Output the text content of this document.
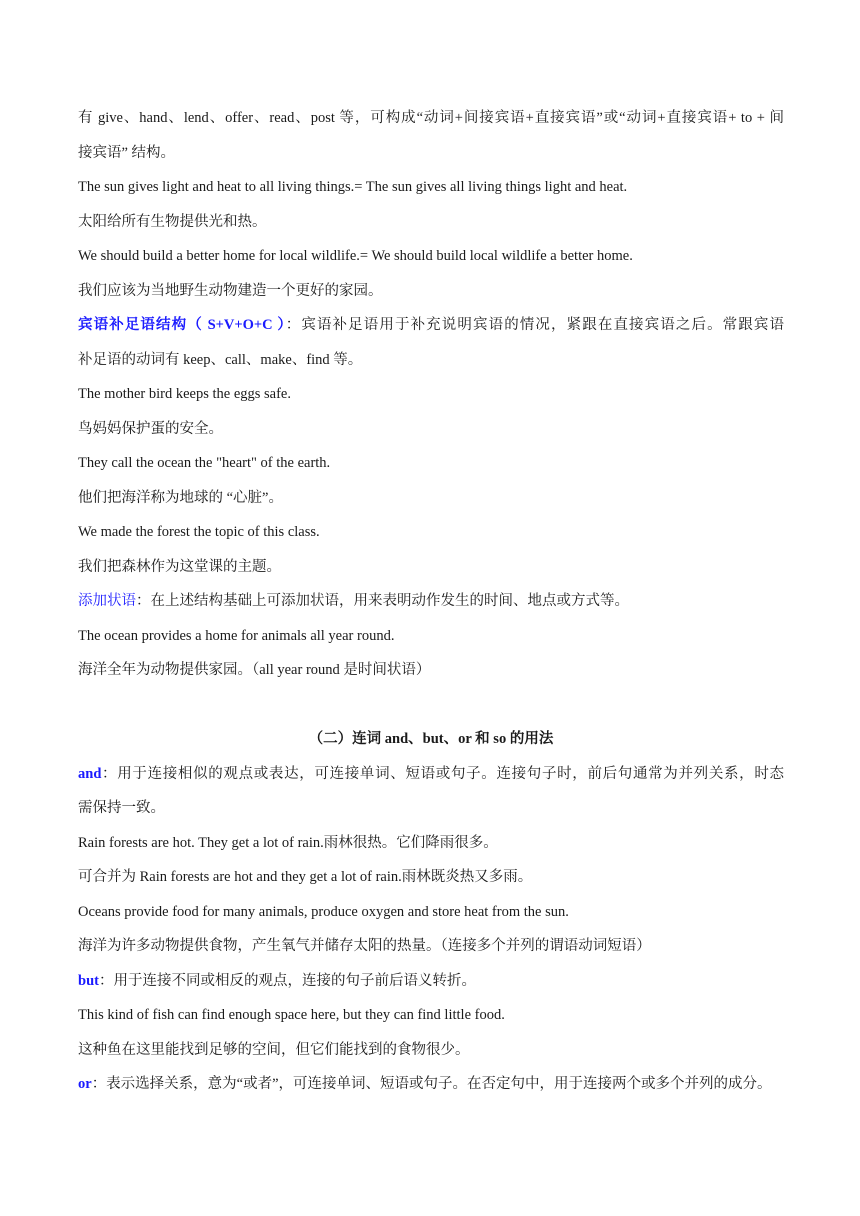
有 give、hand、lend、offer、read、post 等，可构成“动词+间接宾语+直接宾语”或“动词+直接宾语+ to + 间
接宾语” 结构。
The sun gives light and heat to all living things.= The sun gives all living things light and heat.
太阳给所有生物提供光和热。
We should build a better home for local wildlife.= We should build local wildlife a better home.
我们应该为当地野生动物建造一个更好的家园。
宾语补足语结构（ S+V+O+C ）：宾语补足语用于补充说明宾语的情况，紧跟在直接宾语之后。常跟宾语
补足语的动词有 keep、call、make、find 等。
The mother bird keeps the eggs safe.
鸟妈妈保护蛋的安全。
They call the ocean the "heart" of the earth.
他们把海洋称为地球的 “心脏”。
We made the forest the topic of this class.
我们把森林作为这堂课的主题。
添加状语：在上述结构基础上可添加状语，用来表明动作发生的时间、地点或方式等。
The ocean provides a home for animals all year round.
海洋全年为动物提供家园。（all year round 是时间状语）
（二）连词 and、but、or 和 so 的用法
and：用于连接相似的观点或表达，可连接单词、短语或句子。连接句子时，前后句通常为并列关系，时态
需保持一致。
Rain forests are hot. They get a lot of rain.雨林很热。它们降雨很多。
可合并为 Rain forests are hot and they get a lot of rain.雨林既炎热又多雨。
Oceans provide food for many animals, produce oxygen and store heat from the sun.
海洋为许多动物提供食物，产生氧气并储存太阳的热量。（连接多个并列的谓语动词短语）
but：用于连接不同或相反的观点，连接的句子前后语义转折。
This kind of fish can find enough space here, but they can find little food.
这种鱼在这里能找到足够的空间，但它们能找到的食物很少。
or：表示选择关系，意为“或者”，可连接单词、短语或句子。在否定句中，用于连接两个或多个并列的成分。
